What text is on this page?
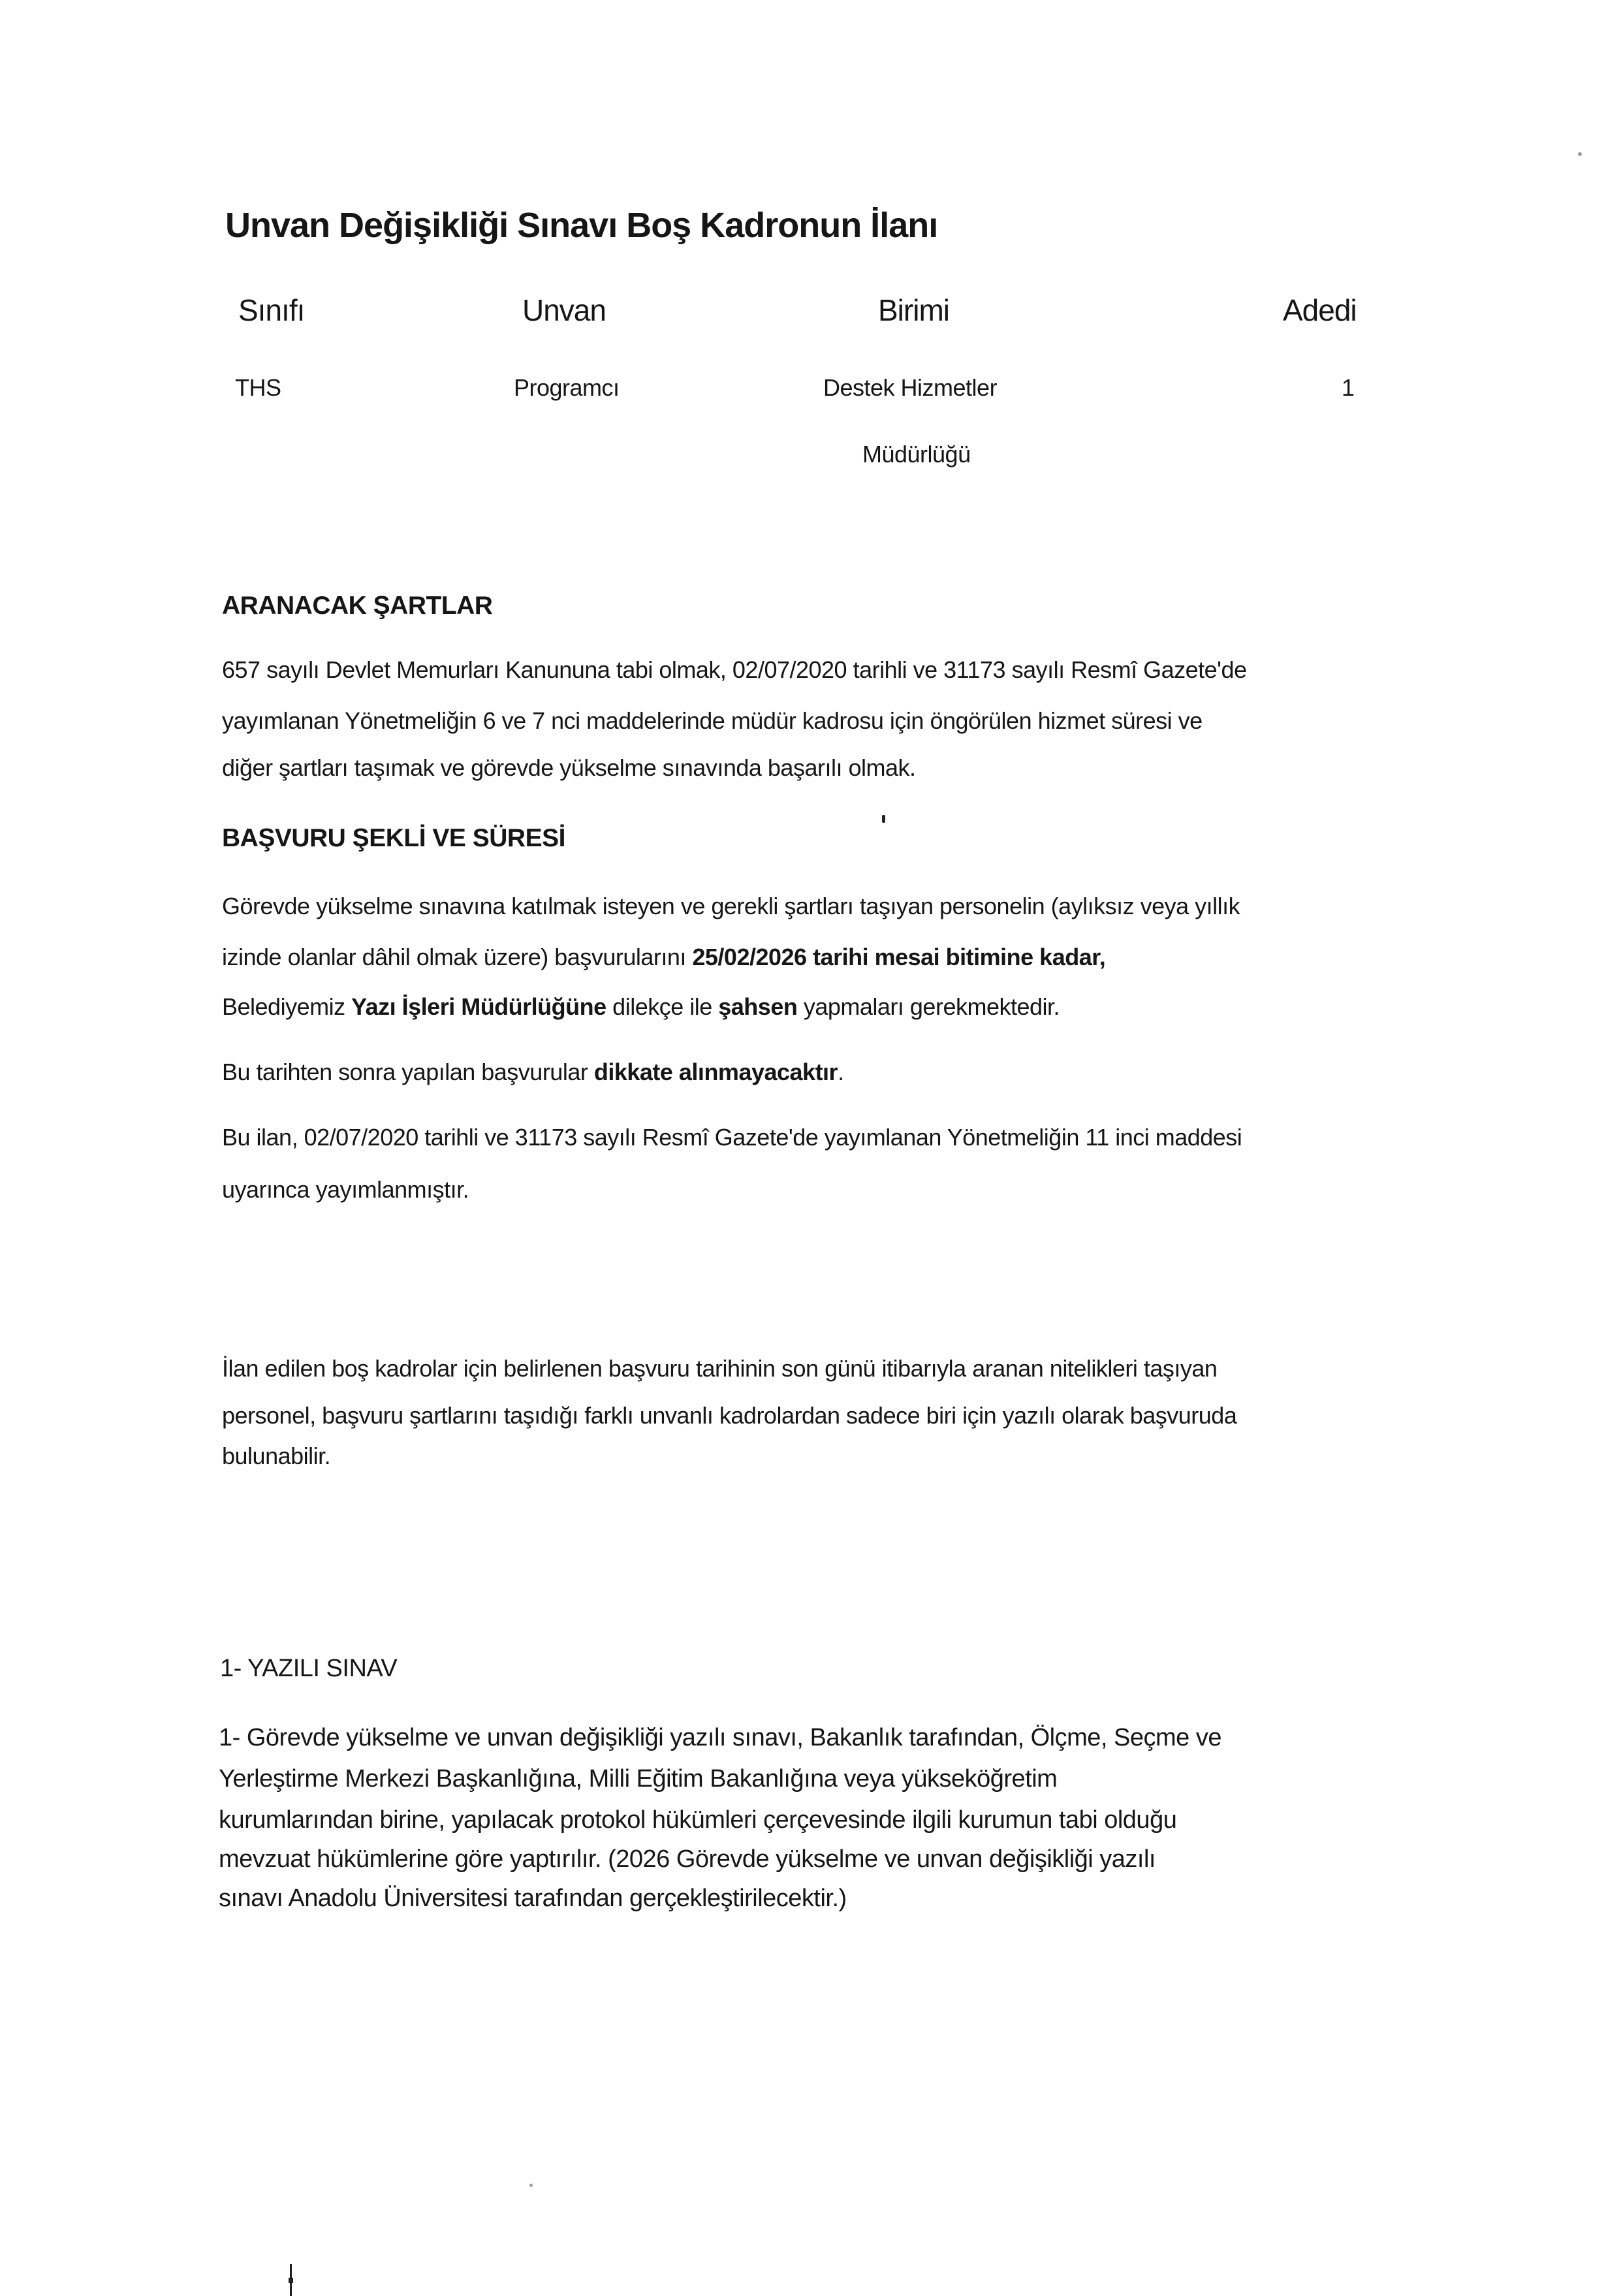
Unvan Değişikliği Sınavı Boş Kadronun İlanı
Sınıfı	Unvan	Birimi	Adedi
THS	Programcı	Destek Hizmetler	1
Müdürlüğü
ARANACAK ŞARTLAR
657 sayılı Devlet Memurları Kanununa tabi olmak, 02/07/2020 tarihli ve 31173 sayılı Resmî Gazete'de
yayımlanan Yönetmeliğin 6 ve 7 nci maddelerinde müdür kadrosu için öngörülen hizmet süresi ve
diğer şartları taşımak ve görevde yükselme sınavında başarılı olmak.
BAŞVURU ŞEKLİ VE SÜRESİ
Görevde yükselme sınavına katılmak isteyen ve gerekli şartları taşıyan personelin (aylıksız veya yıllık
izinde olanlar dâhil olmak üzere) başvurularını 25/02/2026 tarihi mesai bitimine kadar,
Belediyemiz Yazı İşleri Müdürlüğüne dilekçe ile şahsen yapmaları gerekmektedir.
Bu tarihten sonra yapılan başvurular dikkate alınmayacaktır.
Bu ilan, 02/07/2020 tarihli ve 31173 sayılı Resmî Gazete'de yayımlanan Yönetmeliğin 11 inci maddesi
uyarınca yayımlanmıştır.
İlan edilen boş kadrolar için belirlenen başvuru tarihinin son günü itibarıyla aranan nitelikleri taşıyan
personel, başvuru şartlarını taşıdığı farklı unvanlı kadrolardan sadece biri için yazılı olarak başvuruda
bulunabilir.
1- YAZILI SINAV
1- Görevde yükselme ve unvan değişikliği yazılı sınavı, Bakanlık tarafından, Ölçme, Seçme ve
Yerleştirme Merkezi Başkanlığına, Milli Eğitim Bakanlığına veya yükseköğretim
kurumlarından birine, yapılacak protokol hükümleri çerçevesinde ilgili kurumun tabi olduğu
mevzuat hükümlerine göre yaptırılır. (2026 Görevde yükselme ve unvan değişikliği yazılı
sınavı Anadolu Üniversitesi tarafından gerçekleştirilecektir.)
